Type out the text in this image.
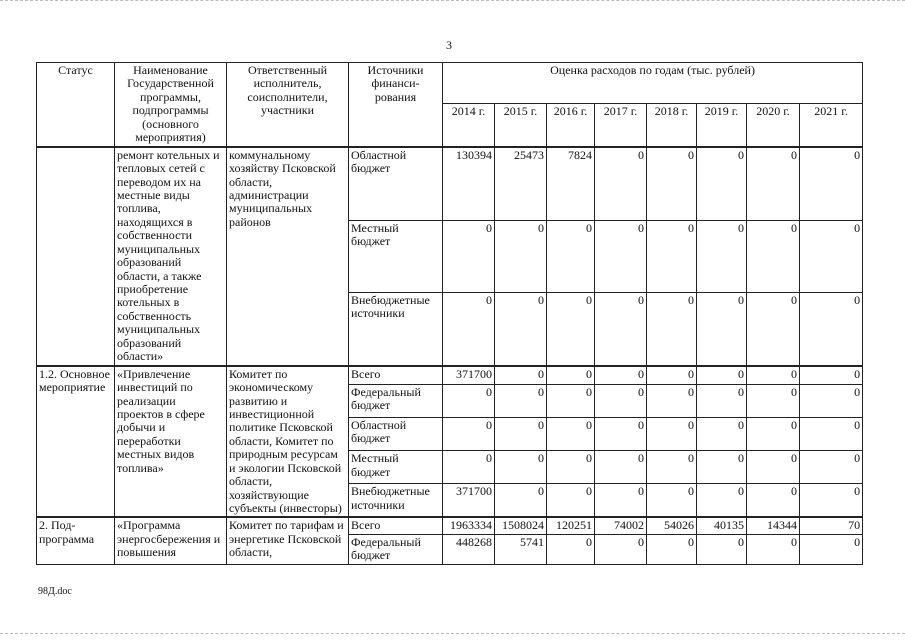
3
Статус	Наименование Государственной программы, подпрограммы (основного мероприятия)	Ответственный исполнитель, соисполнители, участники	Источники финанси-рования	Оценка расходов по годам (тыс. рублей)							
				2014 г.	2015 г.	2016 г.	2017 г.	2018 г.	2019 г.	2020 г.	2021 г.
	ремонт котельных и тепловых сетей с переводом их на местные виды топлива, находящихся в собственности муниципальных образований области, а также приобретение котельных в собственность муниципальных образований области»	коммунальному хозяйству Псковской области, администрации муниципальных районов	Областной бюджет	130394	25473	7824	0	0	0	0	0
			Местный бюджет	0	0	0	0	0	0	0	0
			Внебюджетные источники	0	0	0	0	0	0	0	0
1.2. Основное мероприятие	«Привлечение инвестиций по реализации проектов в сфере добычи и переработки местных видов топлива»	Комитет по экономическому развитию и инвестиционной политике Псковской области, Комитет по природным ресурсам и экологии Псковской области, хозяйствующие субъекты (инвесторы)	Всего	371700	0	0	0	0	0	0	0
			Федеральный бюджет	0	0	0	0	0	0	0	0
			Областной бюджет	0	0	0	0	0	0	0	0
			Местный бюджет	0	0	0	0	0	0	0	0
			Внебюджетные источники	371700	0	0	0	0	0	0	0
2. Под-программа	«Программа энергосбережения и повышения	Комитет по тарифам и энергетике Псковской области,	Всего	1963334	1508024	120251	74002	54026	40135	14344	70
			Федеральный бюджет	448268	5741	0	0	0	0	0	0
98Д.doc
